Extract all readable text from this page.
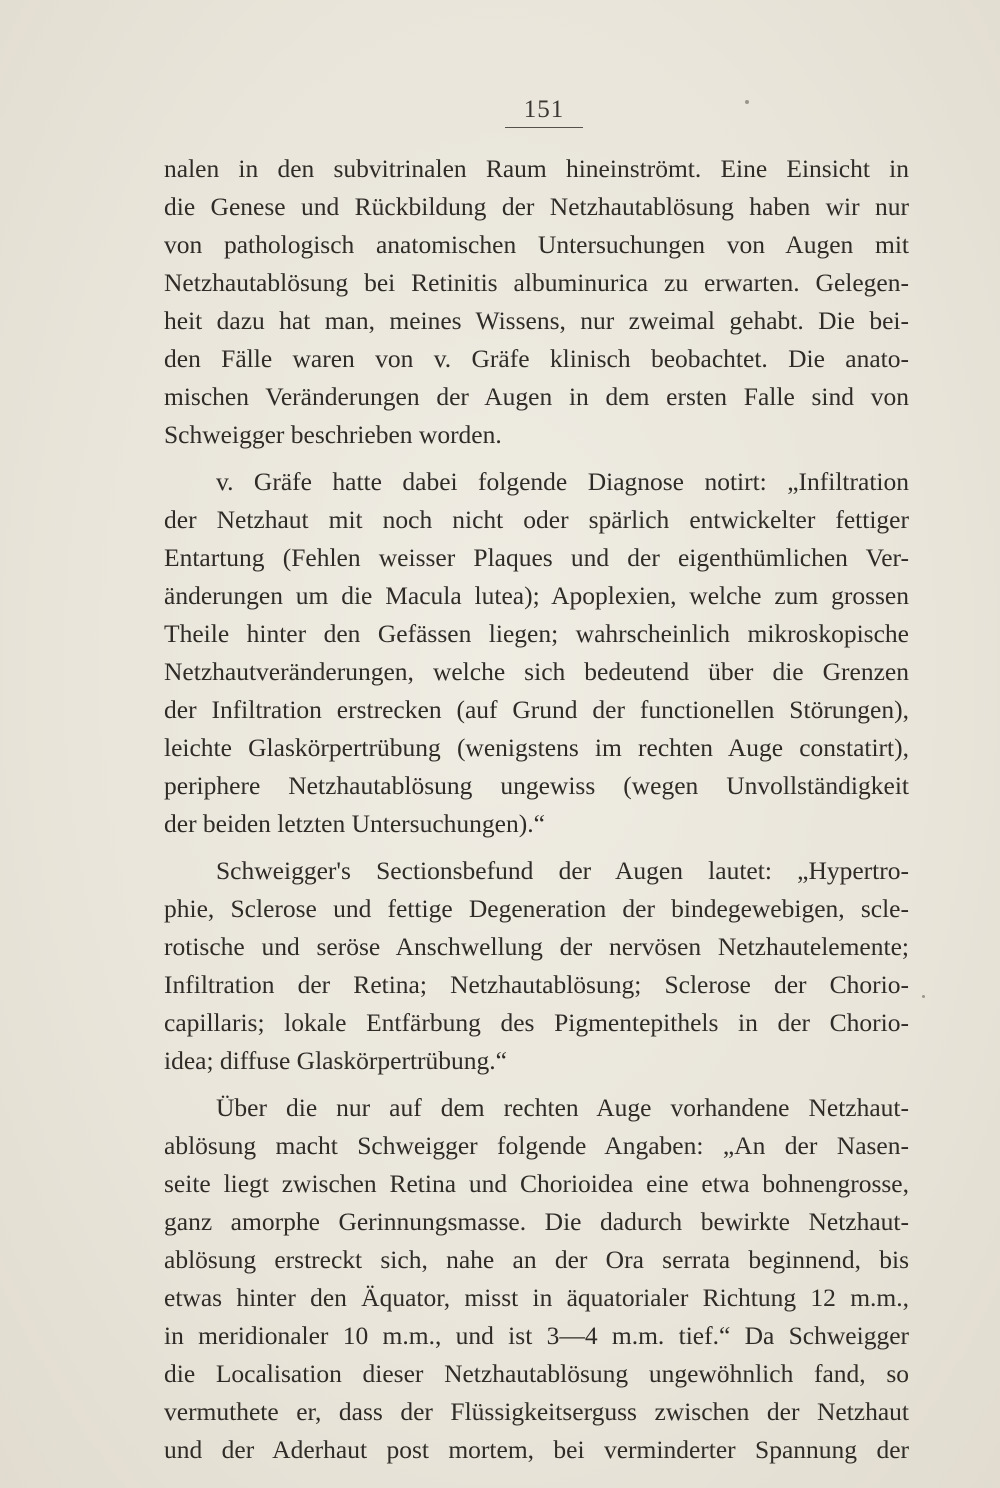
151
nalen in den subvitrinalen Raum hineinströmt. Eine Einsicht in
die Genese und Rückbildung der Netzhautablösung haben wir nur
von pathologisch anatomischen Untersuchungen von Augen mit
Netzhautablösung bei Retinitis albuminurica zu erwarten. Gelegen-
heit dazu hat man, meines Wissens, nur zweimal gehabt. Die bei-
den Fälle waren von v. Gräfe klinisch beobachtet. Die anato-
mischen Veränderungen der Augen in dem ersten Falle sind von
Schweigger beschrieben worden.
v. Gräfe hatte dabei folgende Diagnose notirt: „Infiltration
der Netzhaut mit noch nicht oder spärlich entwickelter fettiger
Entartung (Fehlen weisser Plaques und der eigenthümlichen Ver-
änderungen um die Macula lutea); Apoplexien, welche zum grossen
Theile hinter den Gefässen liegen; wahrscheinlich mikroskopische
Netzhautveränderungen, welche sich bedeutend über die Grenzen
der Infiltration erstrecken (auf Grund der functionellen Störungen),
leichte Glaskörpertrübung (wenigstens im rechten Auge constatirt),
periphere Netzhautablösung ungewiss (wegen Unvollständigkeit
der beiden letzten Untersuchungen).“
Schweigger's Sectionsbefund der Augen lautet: „Hypertro-
phie, Sclerose und fettige Degeneration der bindegewebigen, scle-
rotische und seröse Anschwellung der nervösen Netzhautelemente;
Infiltration der Retina; Netzhautablösung; Sclerose der Chorio-
capillaris; lokale Entfärbung des Pigmentepithels in der Chorio-
idea; diffuse Glaskörpertrübung.“
Über die nur auf dem rechten Auge vorhandene Netzhaut-
ablösung macht Schweigger folgende Angaben: „An der Nasen-
seite liegt zwischen Retina und Chorioidea eine etwa bohnengrosse,
ganz amorphe Gerinnungsmasse. Die dadurch bewirkte Netzhaut-
ablösung erstreckt sich, nahe an der Ora serrata beginnend, bis
etwas hinter den Äquator, misst in äquatorialer Richtung 12 m.m.,
in meridionaler 10 m.m., und ist 3—4 m.m. tief.“ Da Schweigger
die Localisation dieser Netzhautablösung ungewöhnlich fand, so
vermuthete er, dass der Flüssigkeitserguss zwischen der Netzhaut
und der Aderhaut post mortem, bei verminderter Spannung der
